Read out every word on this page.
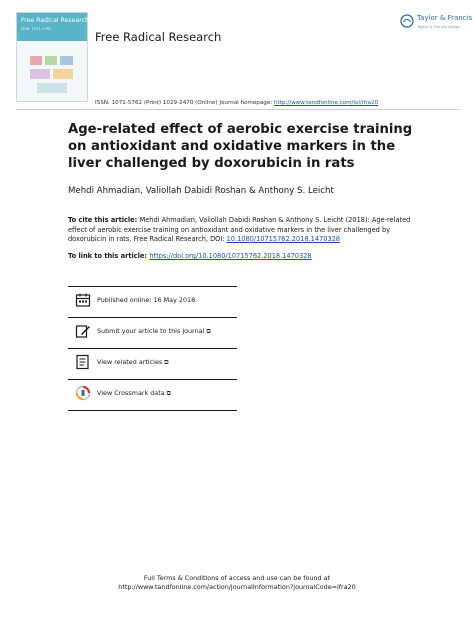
Free Radical Research
ISSN: 1071-5762
Free Radical Research
Taylor & Francis
Taylor & Francis Group
ISSN: 1071-5762 (Print) 1029-2470 (Online) Journal homepage: http://www.tandfonline.com/loi/ifra20
Age-related effect of aerobic exercise training on antioxidant and oxidative markers in the liver challenged by doxorubicin in rats
Mehdi Ahmadian, Valiollah Dabidi Roshan & Anthony S. Leicht
To cite this article: Mehdi Ahmadian, Valiollah Dabidi Roshan & Anthony S. Leicht (2018): Age-related effect of aerobic exercise training on antioxidant and oxidative markers in the liver challenged by doxorubicin in rats, Free Radical Research, DOI: 10.1080/10715762.2018.1470328
To link to this article: https://doi.org/10.1080/10715762.2018.1470328
Published online: 16 May 2018.
Submit your article to this journal ⧉
View related articles ⧉
View Crossmark data ⧉
Full Terms & Conditions of access and use can be found at
http://www.tandfonline.com/action/journalInformation?journalCode=ifra20
